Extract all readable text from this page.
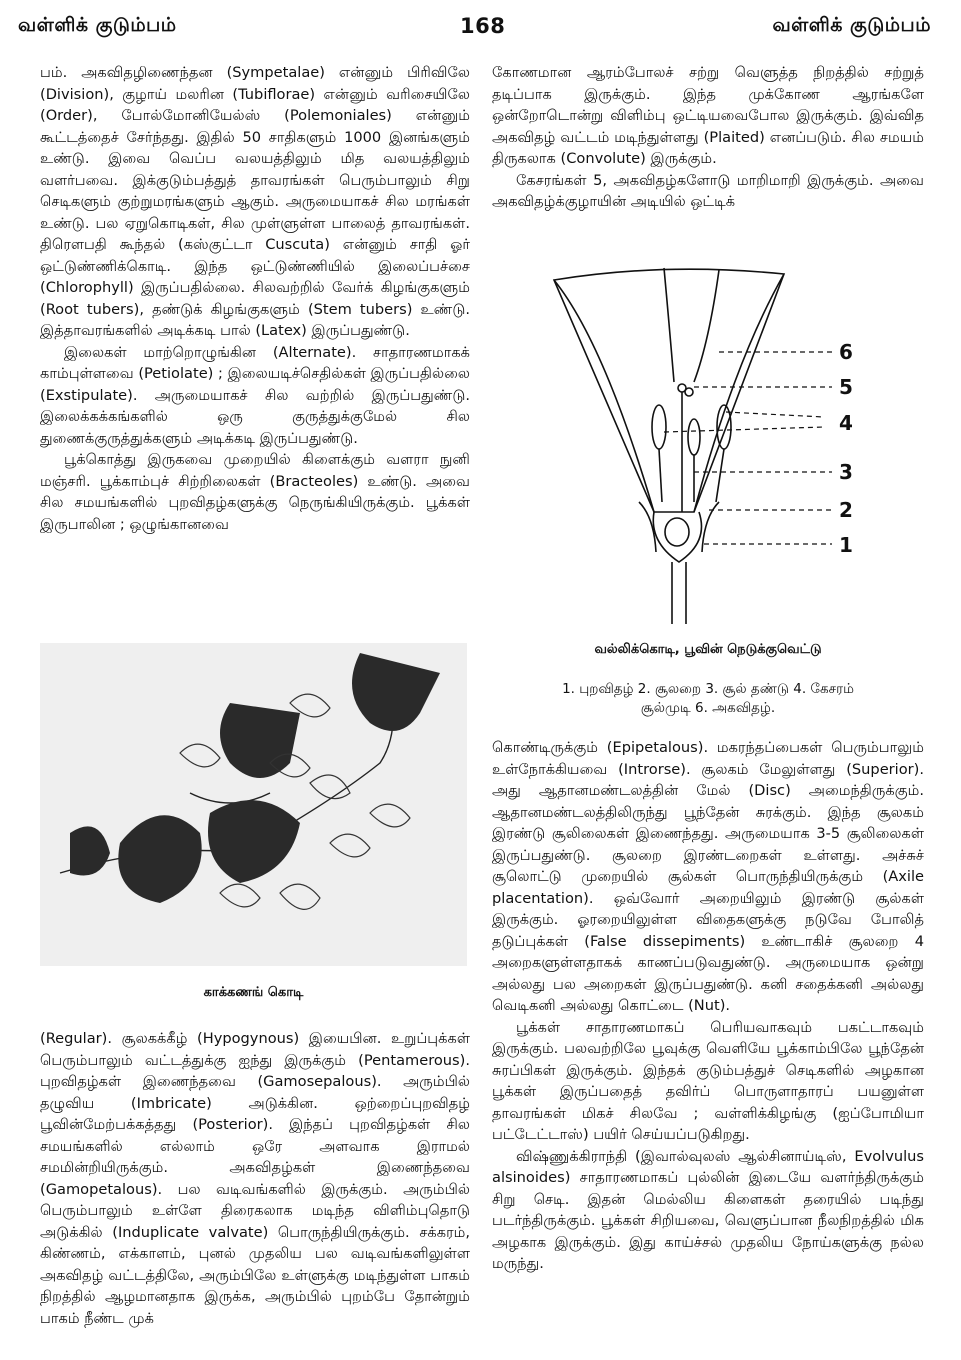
வள்ளிக் குடும்பம்	168	வள்ளிக் குடும்பம்

பம். அகவிதழிணைந்தன (Sympetalae) என்னும் பிரிவிலே (Division), குழாய் மலரின (Tubiflorae) என்னும் வரிசையிலே (Order), போல்மோனியேல்ஸ் (Polemoniales) என்னும் கூட்டத்தைச் சேர்ந்தது. இதில் 50 சாதிகளும் 1000 இனங்களும் உண்டு. இவை வெப்ப வலயத்திலும் மித வலயத்திலும் வளர்பவை. இக்குடும்பத்துத் தாவரங்கள் பெரும்பாலும் சிறு செடிகளும் குற்றுமரங்களும் ஆகும். அருமையாகச் சில மரங்கள் உண்டு. பல ஏறுகொடிகள், சில முள்ளுள்ள பாலைத் தாவரங்கள். திரௌபதி கூந்தல் (கஸ்குட்டா Cuscuta) என்னும் சாதி ஓர் ஒட்டுண்ணிக்கொடி. இந்த ஒட்டுண்ணியில் இலைப்பச்சை (Chlorophyll) இருப்பதில்லை. சிலவற்றில் வேர்க் கிழங்குகளும் (Root tubers), தண்டுக் கிழங்குகளும் (Stem tubers) உண்டு. இத்தாவரங்களில் அடிக்கடி பால் (Latex) இருப்பதுண்டு.

இலைகள் மாற்றொழுங்கின (Alternate). சாதாரணமாகக் காம்புள்ளவை (Petiolate) ; இலையடிச்செதில்கள் இருப்பதில்லை (Exstipulate). அருமையாகச் சில வற்றில் இருப்பதுண்டு. இலைக்கக்கங்களில் ஒரு குருத்துக்குமேல் சில துணைக்குருத்துக்களும் அடிக்கடி இருப்பதுண்டு.

பூக்கொத்து இருகவை முறையில் கிளைக்கும் வளரா நுனி மஞ்சரி. பூக்காம்புச் சிற்றிலைகள் (Bracteoles) உண்டு. அவை சில சமயங்களில் புறவிதழ்களுக்கு நெருங்கியிருக்கும். பூக்கள் இருபாலின ; ஒழுங்கானவை

காக்கணங் கொடி

(Regular). சூலகக்கீழ் (Hypogynous) இயைபின. உறுப்புக்கள் பெரும்பாலும் வட்டத்துக்கு ஐந்து இருக்கும் (Pentamerous). புறவிதழ்கள் இணைந்தவை (Gamosepalous). அரும்பில் தழுவிய (Imbricate) அடுக்கின. ஒற்றைப்புறவிதழ் பூவின்மேற்பக்கத்தது (Posterior). இந்தப் புறவிதழ்கள் சில சமயங்களில் எல்லாம் ஒரே அளவாக இராமல் சமமின்றியிருக்கும். அகவிதழ்கள் இணைந்தவை (Gamopetalous). பல வடிவங்களில் இருக்கும். அரும்பில் பெரும்பாலும் உள்ளே திரைகலாக மடிந்த விளிம்புதொடு அடுக்கில் (Induplicate valvate) பொருந்தியிருக்கும். சக்கரம், கிண்ணம், எக்காளம், புனல் முதலிய பல வடிவங்களிலுள்ள அகவிதழ் வட்டத்திலே, அரும்பிலே உள்ளுக்கு மடிந்துள்ள பாகம் நிறத்தில் ஆழமானதாக இருக்க, அரும்பில் புறம்பே தோன்றும் பாகம் நீண்ட முக்

கோணமான ஆரம்போலச் சற்று வெளுத்த நிறத்தில் சற்றுத் தடிப்பாக இருக்கும். இந்த முக்கோண ஆரங்களே ஒன்றோடொன்று விளிம்பு ஒட்டியவைபோல இருக்கும். இவ்வித அகவிதழ் வட்டம் மடிந்துள்ளது (Plaited) எனப்படும். சில சமயம் திருகலாக (Convolute) இருக்கும்.

கேசரங்கள் 5, அகவிதழ்களோடு மாறிமாறி இருக்கும். அவை அகவிதழ்க்குழாயின் அடியில் ஒட்டிக்

6
5
4
3
2
1
வல்லிக்கொடி, பூவின் நெடுக்குவெட்டு
1. புறவிதழ் 2. சூலறை 3. சூல் தண்டு 4. கேசரம்
சூல்முடி 6. அகவிதழ்.

கொண்டிருக்கும் (Epipetalous). மகரந்தப்பைகள் பெரும்பாலும் உள்நோக்கியவை (Introrse). சூலகம் மேலுள்ளது (Superior). அது ஆதானமண்டலத்தின் மேல் (Disc) அமைந்திருக்கும். ஆதானமண்டலத்திலிருந்து பூந்தேன் சுரக்கும். இந்த சூலகம் இரண்டு சூலிலைகள் இணைந்தது. அருமையாக 3-5 சூலிலைகள் இருப்பதுண்டு. சூலறை இரண்டறைகள் உள்ளது. அச்சுச் சூலொட்டு முறையில் சூல்கள் பொருந்தியிருக்கும் (Axile placentation). ஒவ்வோர் அறையிலும் இரண்டு சூல்கள் இருக்கும். ஓரறையிலுள்ள விதைகளுக்கு நடுவே போலித் தடுப்புக்கள் (False dissepiments) உண்டாகிச் சூலறை 4 அறைகளுள்ளதாகக் காணப்படுவதுண்டு. அருமையாக ஒன்று அல்லது பல அறைகள் இருப்பதுண்டு. கனி சதைக்கனி அல்லது வெடிகனி அல்லது கொட்டை (Nut).

பூக்கள் சாதாரணமாகப் பெரியவாகவும் பகட்டாகவும் இருக்கும். பலவற்றிலே பூவுக்கு வெளியே பூக்காம்பிலே பூந்தேன் சுரப்பிகள் இருக்கும். இந்தக் குடும்பத்துச் செடிகளில் அழகான பூக்கள் இருப்பதைத் தவிர்ப் பொருளாதாரப் பயனுள்ள தாவரங்கள் மிகச் சிலவே ; வள்ளிக்கிழங்கு (ஐப்போமியா பட்டேட்டாஸ்) பயிர் செய்யப்படுகிறது.

விஷ்ணுக்கிராந்தி (இவால்வுலஸ் ஆல்சினாய்டிஸ், Evolvulus alsinoides) சாதாரணமாகப் புல்லின் இடையே வளர்ந்திருக்கும் சிறு செடி. இதன் மெல்லிய கிளைகள் தரையில் படிந்து படர்ந்திருக்கும். பூக்கள் சிறியவை, வெளுப்பான நீலநிறத்தில் மிக அழகாக இருக்கும். இது காய்ச்சல் முதலிய நோய்களுக்கு நல்ல மருந்து.
